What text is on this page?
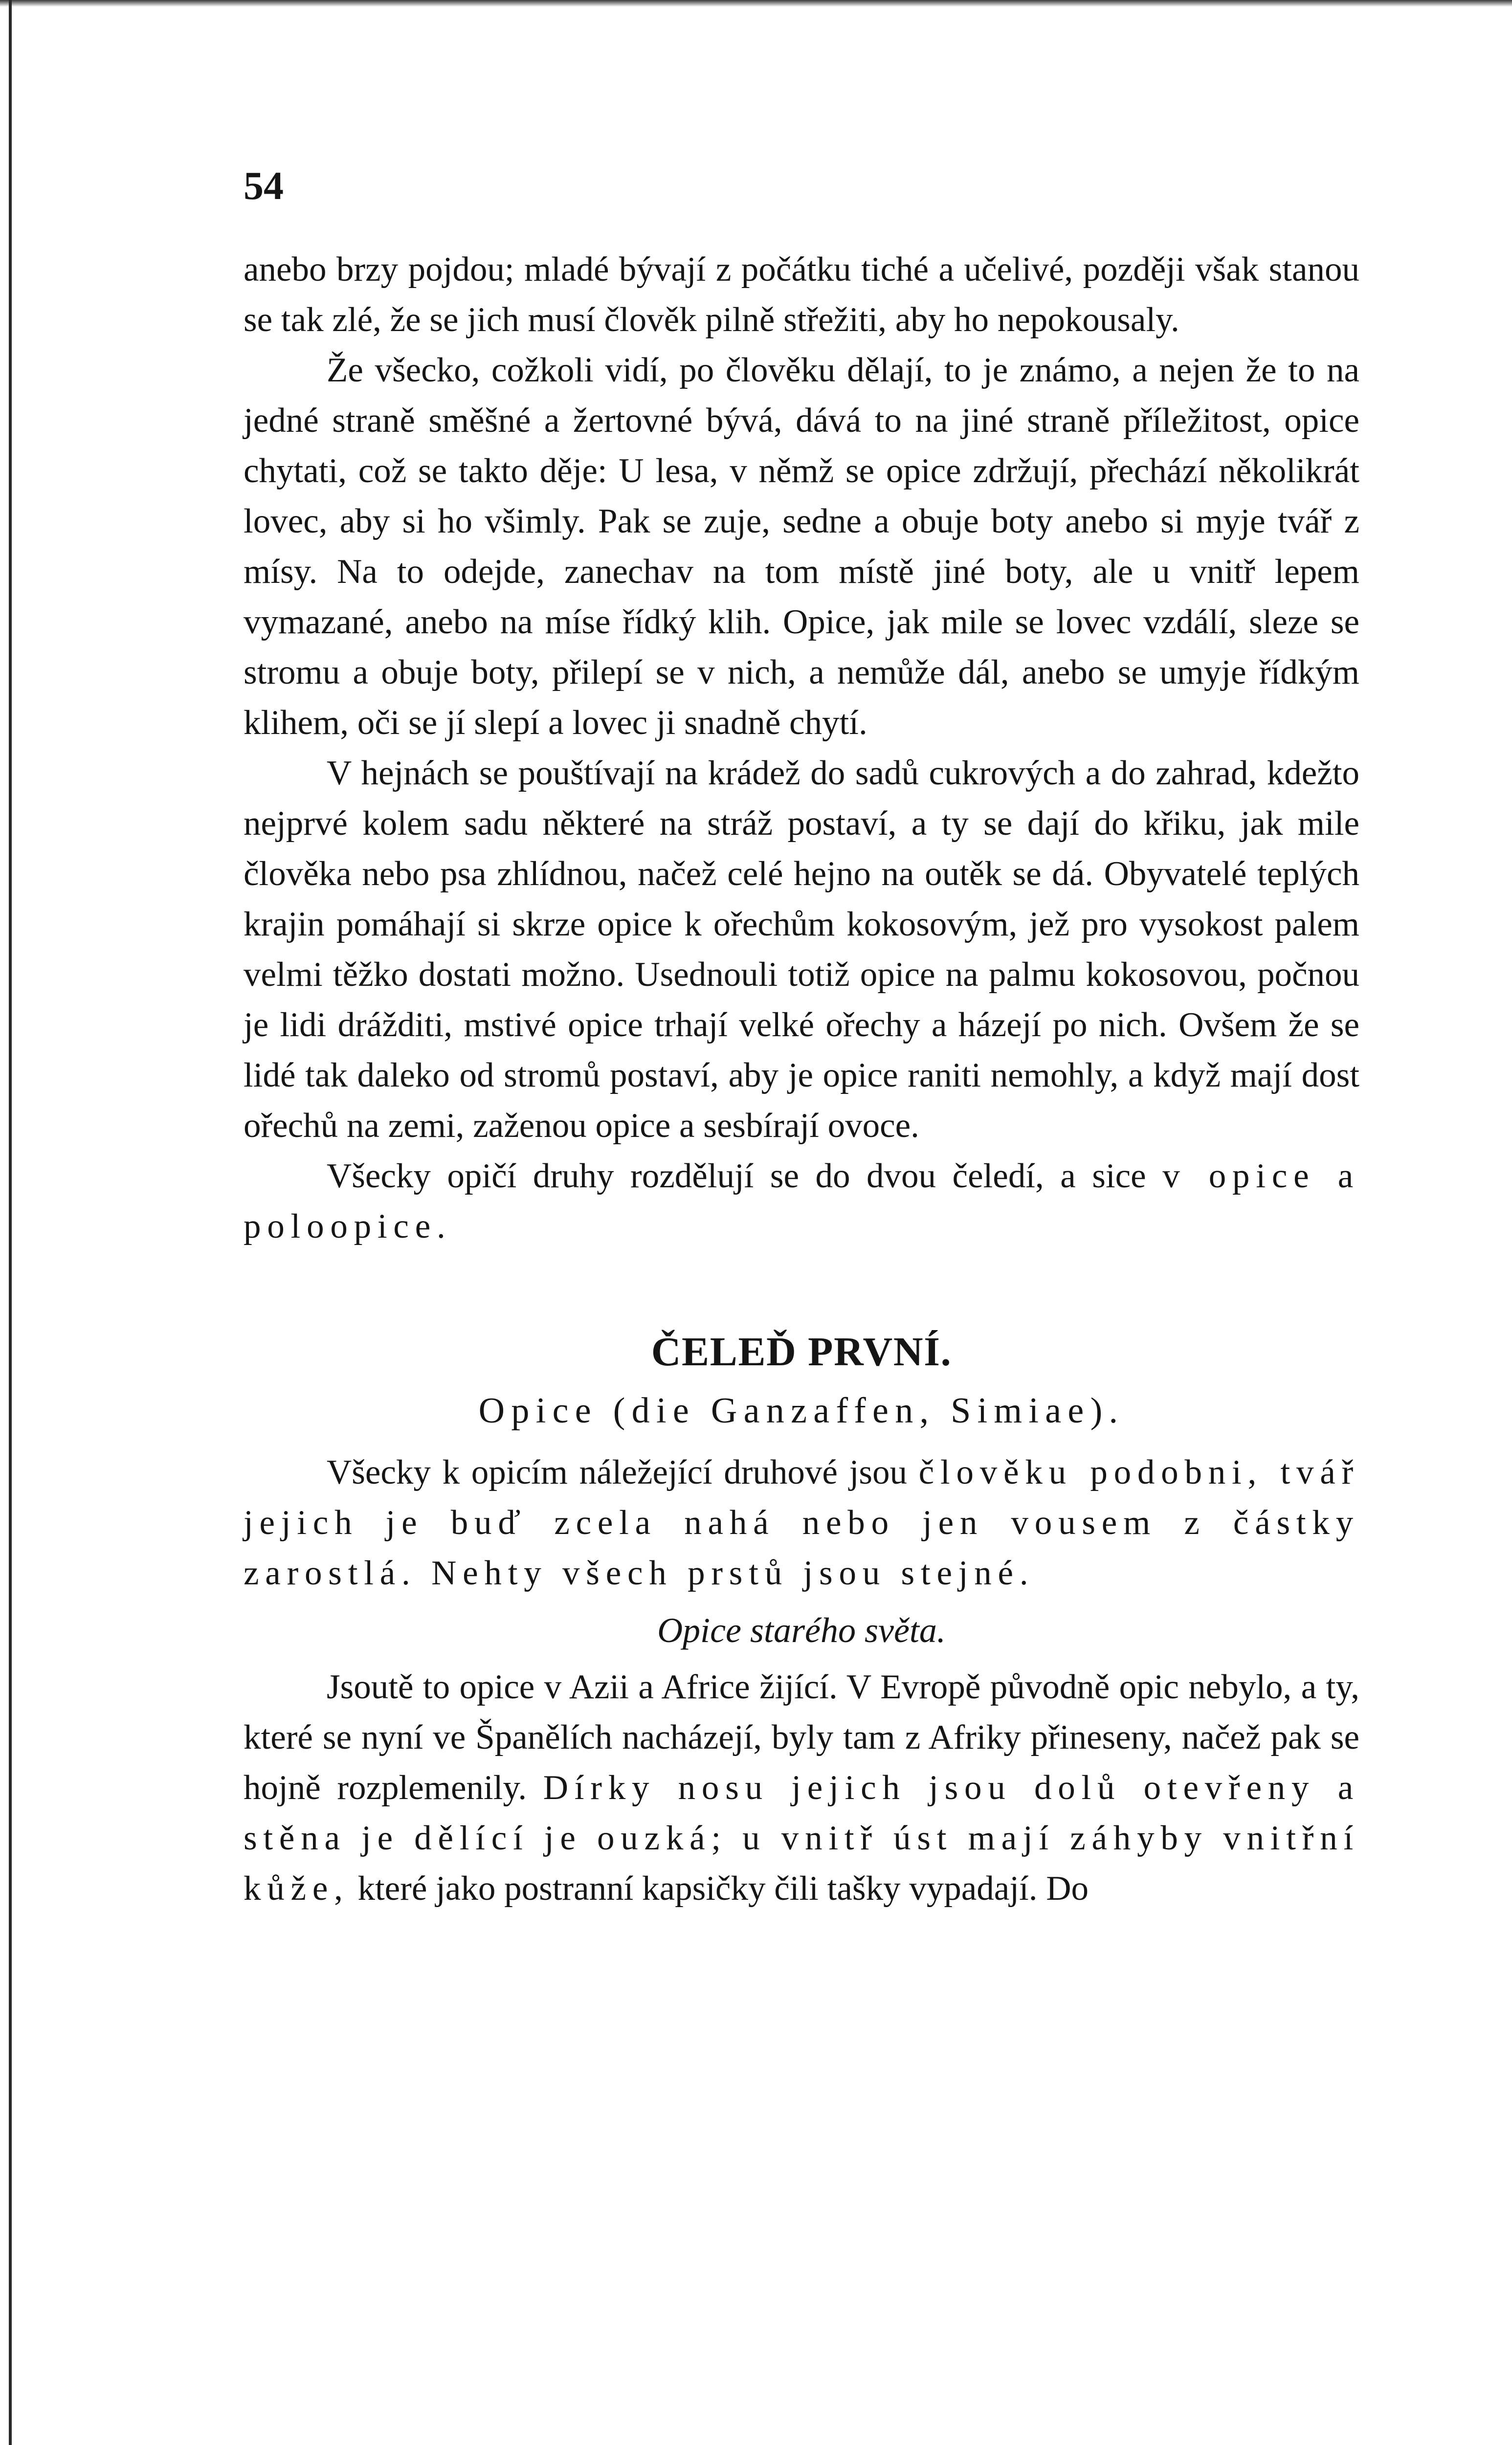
54

anebo brzy pojdou; mladé bývají z počátku tiché a učelivé, později však stanou se tak zlé, že se jich musí člověk pilně střežiti, aby ho nepokousaly.

Že všecko, cožkoli vidí, po člověku dělají, to je známo, a nejen že to na jedné straně směšné a žertovné bývá, dává to na jiné straně příležitost, opice chytati, což se takto děje: U lesa, v němž se opice zdržují, přechází několikrát lovec, aby si ho všimly. Pak se zuje, sedne a obuje boty anebo si myje tvář z mísy. Na to odejde, zanechav na tom místě jiné boty, ale u vnitř lepem vymazané, anebo na míse řídký klih. Opice, jak mile se lovec vzdálí, sleze se stromu a obuje boty, přilepí se v nich, a nemůže dál, anebo se umyje řídkým klihem, oči se jí slepí a lovec ji snadně chytí.

V hejnách se pouštívají na krádež do sadů cukrových a do zahrad, kdežto nejprvé kolem sadu některé na stráž postaví, a ty se dají do křiku, jak mile člověka nebo psa zhlídnou, načež celé hejno na outěk se dá. Obyvatelé teplých krajin pomáhají si skrze opice k ořechům kokosovým, jež pro vysokost palem velmi těžko dostati možno. Usednouli totiž opice na palmu kokosovou, počnou je lidi drážditi, mstivé opice trhají velké ořechy a házejí po nich. Ovšem že se lidé tak daleko od stromů postaví, aby je opice raniti nemohly, a když mají dost ořechů na zemi, zaženou opice a sesbírají ovoce.

Všecky opičí druhy rozdělují se do dvou čeledí, a sice v opice a poloopice.

ČELEĎ PRVNÍ.
Opice (die Ganzaffen, Simiae).

Všecky k opicím náležející druhové jsou člověku podobni, tvář jejich je buď zcela nahá nebo jen vousem z částky zarostlá. Nehty všech prstů jsou stejné.

Opice starého světa.

Jsoutě to opice v Azii a Africe žijící. V Evropě původně opic nebylo, a ty, které se nyní ve Španělích nacházejí, byly tam z Afriky přineseny, načež pak se hojně rozplemenily. Dírky nosu jejich jsou dolů otevřeny a stěna je dělící je ouzká; u vnitř úst mají záhyby vnitřní kůže, které jako postranní kapsičky čili tašky vypadají. Do
